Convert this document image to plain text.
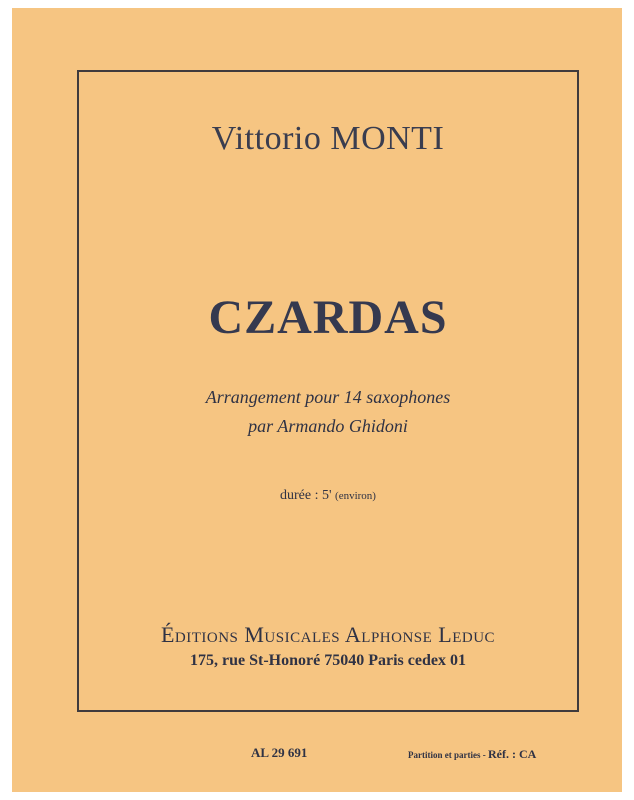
Vittorio MONTI
CZARDAS
Arrangement pour 14 saxophones
par Armando Ghidoni
durée : 5' (environ)
Éditions Musicales Alphonse Leduc
175, rue St-Honoré 75040 Paris cedex 01
AL 29 691	Partition et parties - Réf. : CA
